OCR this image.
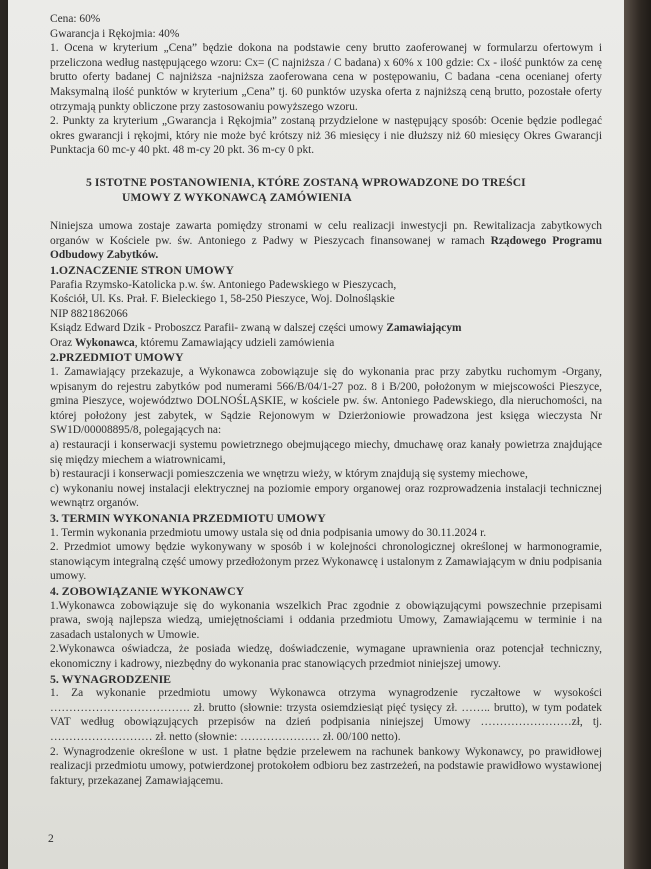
Cena: 60%
Gwarancja i Rękojmia: 40%

1. Ocena w kryterium „Cena” będzie dokona na podstawie ceny brutto zaoferowanej w formularzu ofertowym i przeliczona według następującego wzoru: Cx= (C najniższa / C badana) x 60% x 100 gdzie: Cx - ilość punktów za cenę brutto oferty badanej C najniższa -najniższa zaoferowana cena w postępowaniu, C badana -cena ocenianej oferty Maksymalną ilość punktów w kryterium „Cena” tj. 60 punktów uzyska oferta z najniższą ceną brutto, pozostałe oferty otrzymają punkty obliczone przy zastosowaniu powyższego wzoru.

2. Punkty za kryterium „Gwarancja i Rękojmia” zostaną przydzielone w następujący sposób: Ocenie będzie podlegać okres gwarancji i rękojmi, który nie może być krótszy niż 36 miesięcy i nie dłuższy niż 60 miesięcy Okres Gwarancji Punktacja 60 mc-y 40 pkt. 48 m-cy 20 pkt. 36 m-cy 0 pkt.

5 ISTOTNE POSTANOWIENIA, KTÓRE ZOSTANĄ WPROWADZONE DO TREŚCI
UMOWY Z WYKONAWCĄ ZAMÓWIENIA

Niniejsza umowa zostaje zawarta pomiędzy stronami w celu realizacji inwestycji pn. Rewitalizacja zabytkowych organów w Kościele pw. św. Antoniego z Padwy w Pieszycach finansowanej w ramach Rządowego Programu Odbudowy Zabytków.

1.OZNACZENIE STRON UMOWY
Parafia Rzymsko-Katolicka p.w. św. Antoniego Padewskiego w Pieszycach,
Kościół, Ul. Ks. Prał. F. Bieleckiego 1, 58-250 Pieszyce, Woj. Dolnośląskie
NIP 8821862066
Ksiądz Edward Dzik - Proboszcz Parafii- zwaną w dalszej części umowy Zamawiającym
Oraz Wykonawca, któremu Zamawiający udzieli zamówienia
2.PRZEDMIOT UMOWY

1. Zamawiający przekazuje, a Wykonawca zobowiązuje się do wykonania prac przy zabytku ruchomym -Organy, wpisanym do rejestru zabytków pod numerami 566/B/04/1-27 poz. 8 i B/200, położonym w miejscowości Pieszyce, gmina Pieszyce, województwo DOLNOŚLĄSKIE, w kościele pw. św. Antoniego Padewskiego, dla nieruchomości, na której położony jest zabytek, w Sądzie Rejonowym w Dzierżoniowie prowadzona jest księga wieczysta Nr SW1D/00008895/8, polegających na:

a) restauracji i konserwacji systemu powietrznego obejmującego miechy, dmuchawę oraz kanały powietrza znajdujące się między miechem a wiatrownicami,

b) restauracji i konserwacji pomieszczenia we wnętrzu wieży, w którym znajdują się systemy miechowe,

c) wykonaniu nowej instalacji elektrycznej na poziomie empory organowej oraz rozprowadzenia instalacji technicznej wewnątrz organów.

3. TERMIN WYKONANIA PRZEDMIOTU UMOWY

1. Termin wykonania przedmiotu umowy ustala się od dnia podpisania umowy do 30.11.2024 r.

2. Przedmiot umowy będzie wykonywany w sposób i w kolejności chronologicznej określonej w harmonogramie, stanowiącym integralną część umowy przedłożonym przez Wykonawcę i ustalonym z Zamawiającym w dniu podpisania umowy.

4. ZOBOWIĄZANIE WYKONAWCY

1.Wykonawca zobowiązuje się do wykonania wszelkich Prac zgodnie z obowiązującymi powszechnie przepisami prawa, swoją najlepsza wiedzą, umiejętnościami i oddania przedmiotu Umowy, Zamawiającemu w terminie i na zasadach ustalonych w Umowie.

2.Wykonawca oświadcza, że posiada wiedzę, doświadczenie, wymagane uprawnienia oraz potencjał techniczny, ekonomiczny i kadrowy, niezbędny do wykonania prac stanowiących przedmiot niniejszej umowy.

5. WYNAGRODZENIE

1. Za wykonanie przedmiotu umowy Wykonawca otrzyma wynagrodzenie ryczałtowe w wysokości ………………………………. zł. brutto (słownie: trzysta osiemdziesiąt pięć tysięcy zł. …….. brutto), w tym podatek VAT według obowiązujących przepisów na dzień podpisania niniejszej Umowy ……………………zł, tj. ……………………… zł. netto (słownie: ………………… zł. 00/100 netto).

2. Wynagrodzenie określone w ust. 1 płatne będzie przelewem na rachunek bankowy Wykonawcy, po prawidłowej realizacji przedmiotu umowy, potwierdzonej protokołem odbioru bez zastrzeżeń, na podstawie prawidłowo wystawionej faktury, przekazanej Zamawiającemu.

2
